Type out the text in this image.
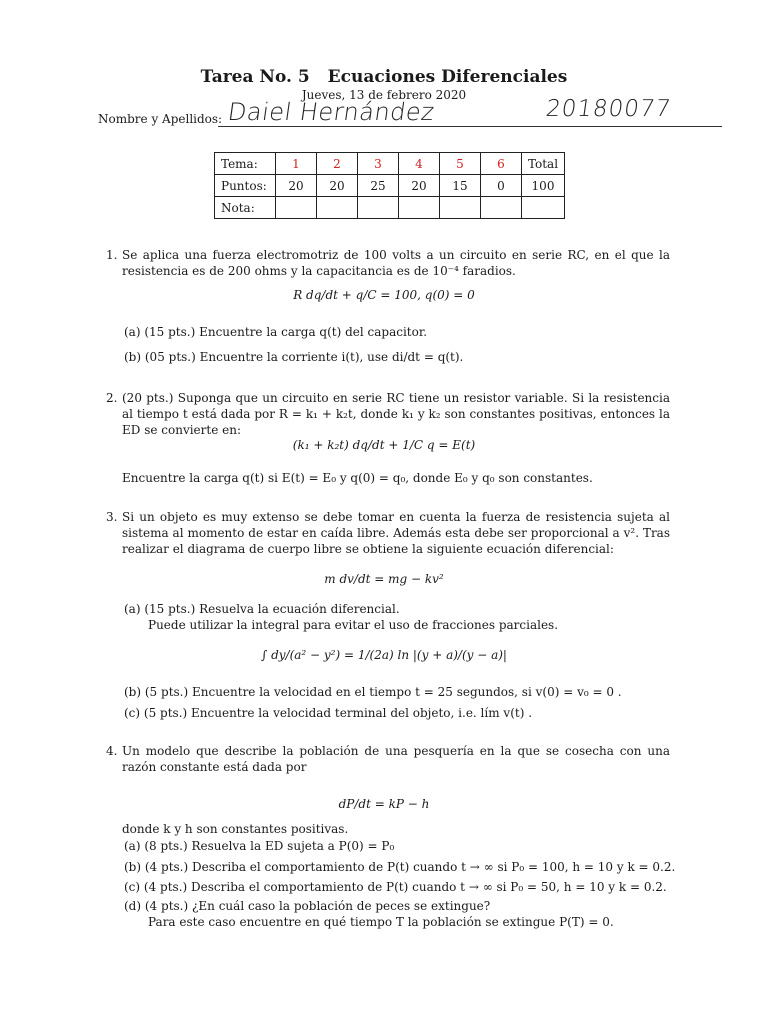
Tarea No. 5 Ecuaciones Diferenciales
Jueves, 13 de febrero 2020
Nombre y Apellidos: Daiel Hernández	20180077
Tema:	1	2	3	4	5	6	Total
Puntos:	20	20	25	20	15	0	100
Nota:							
1. Se aplica una fuerza electromotriz de 100 volts a un circuito en serie RC, en el que la resistencia es de 200 ohms y la capacitancia es de 10⁻⁴ faradios.
R dq/dt + q/C = 100, q(0) = 0
(a) (15 pts.) Encuentre la carga q(t) del capacitor.
(b) (05 pts.) Encuentre la corriente i(t), use di/dt = q(t).
2. (20 pts.) Suponga que un circuito en serie RC tiene un resistor variable. Si la resistencia al tiempo t está dada por R = k₁ + k₂t, donde k₁ y k₂ son constantes positivas, entonces la ED se convierte en:
(k₁ + k₂t) dq/dt + 1/C q = E(t)
Encuentre la carga q(t) si E(t) = E₀ y q(0) = q₀, donde E₀ y q₀ son constantes.
3. Si un objeto es muy extenso se debe tomar en cuenta la fuerza de resistencia sujeta al sistema al momento de estar en caída libre. Además esta debe ser proporcional a v². Tras realizar el diagrama de cuerpo libre se obtiene la siguiente ecuación diferencial:
m dv/dt = mg − kv²
(a) (15 pts.) Resuelva la ecuación diferencial.
Puede utilizar la integral para evitar el uso de fracciones parciales.
∫ dy/(a² − y²) = 1/(2a) ln |(y + a)/(y − a)|
(b) (5 pts.) Encuentre la velocidad en el tiempo t = 25 segundos, si v(0) = v₀ = 0 .
(c) (5 pts.) Encuentre la velocidad terminal del objeto, i.e. lím v(t) .
4. Un modelo que describe la población de una pesquería en la que se cosecha con una razón constante está dada por
dP/dt = kP − h
donde k y h son constantes positivas.
(a) (8 pts.) Resuelva la ED sujeta a P(0) = P₀
(b) (4 pts.) Describa el comportamiento de P(t) cuando t → ∞ si P₀ = 100, h = 10 y k = 0.2.
(c) (4 pts.) Describa el comportamiento de P(t) cuando t → ∞ si P₀ = 50, h = 10 y k = 0.2.
(d) (4 pts.) ¿En cuál caso la población de peces se extingue?
Para este caso encuentre en qué tiempo T la población se extingue P(T) = 0.
